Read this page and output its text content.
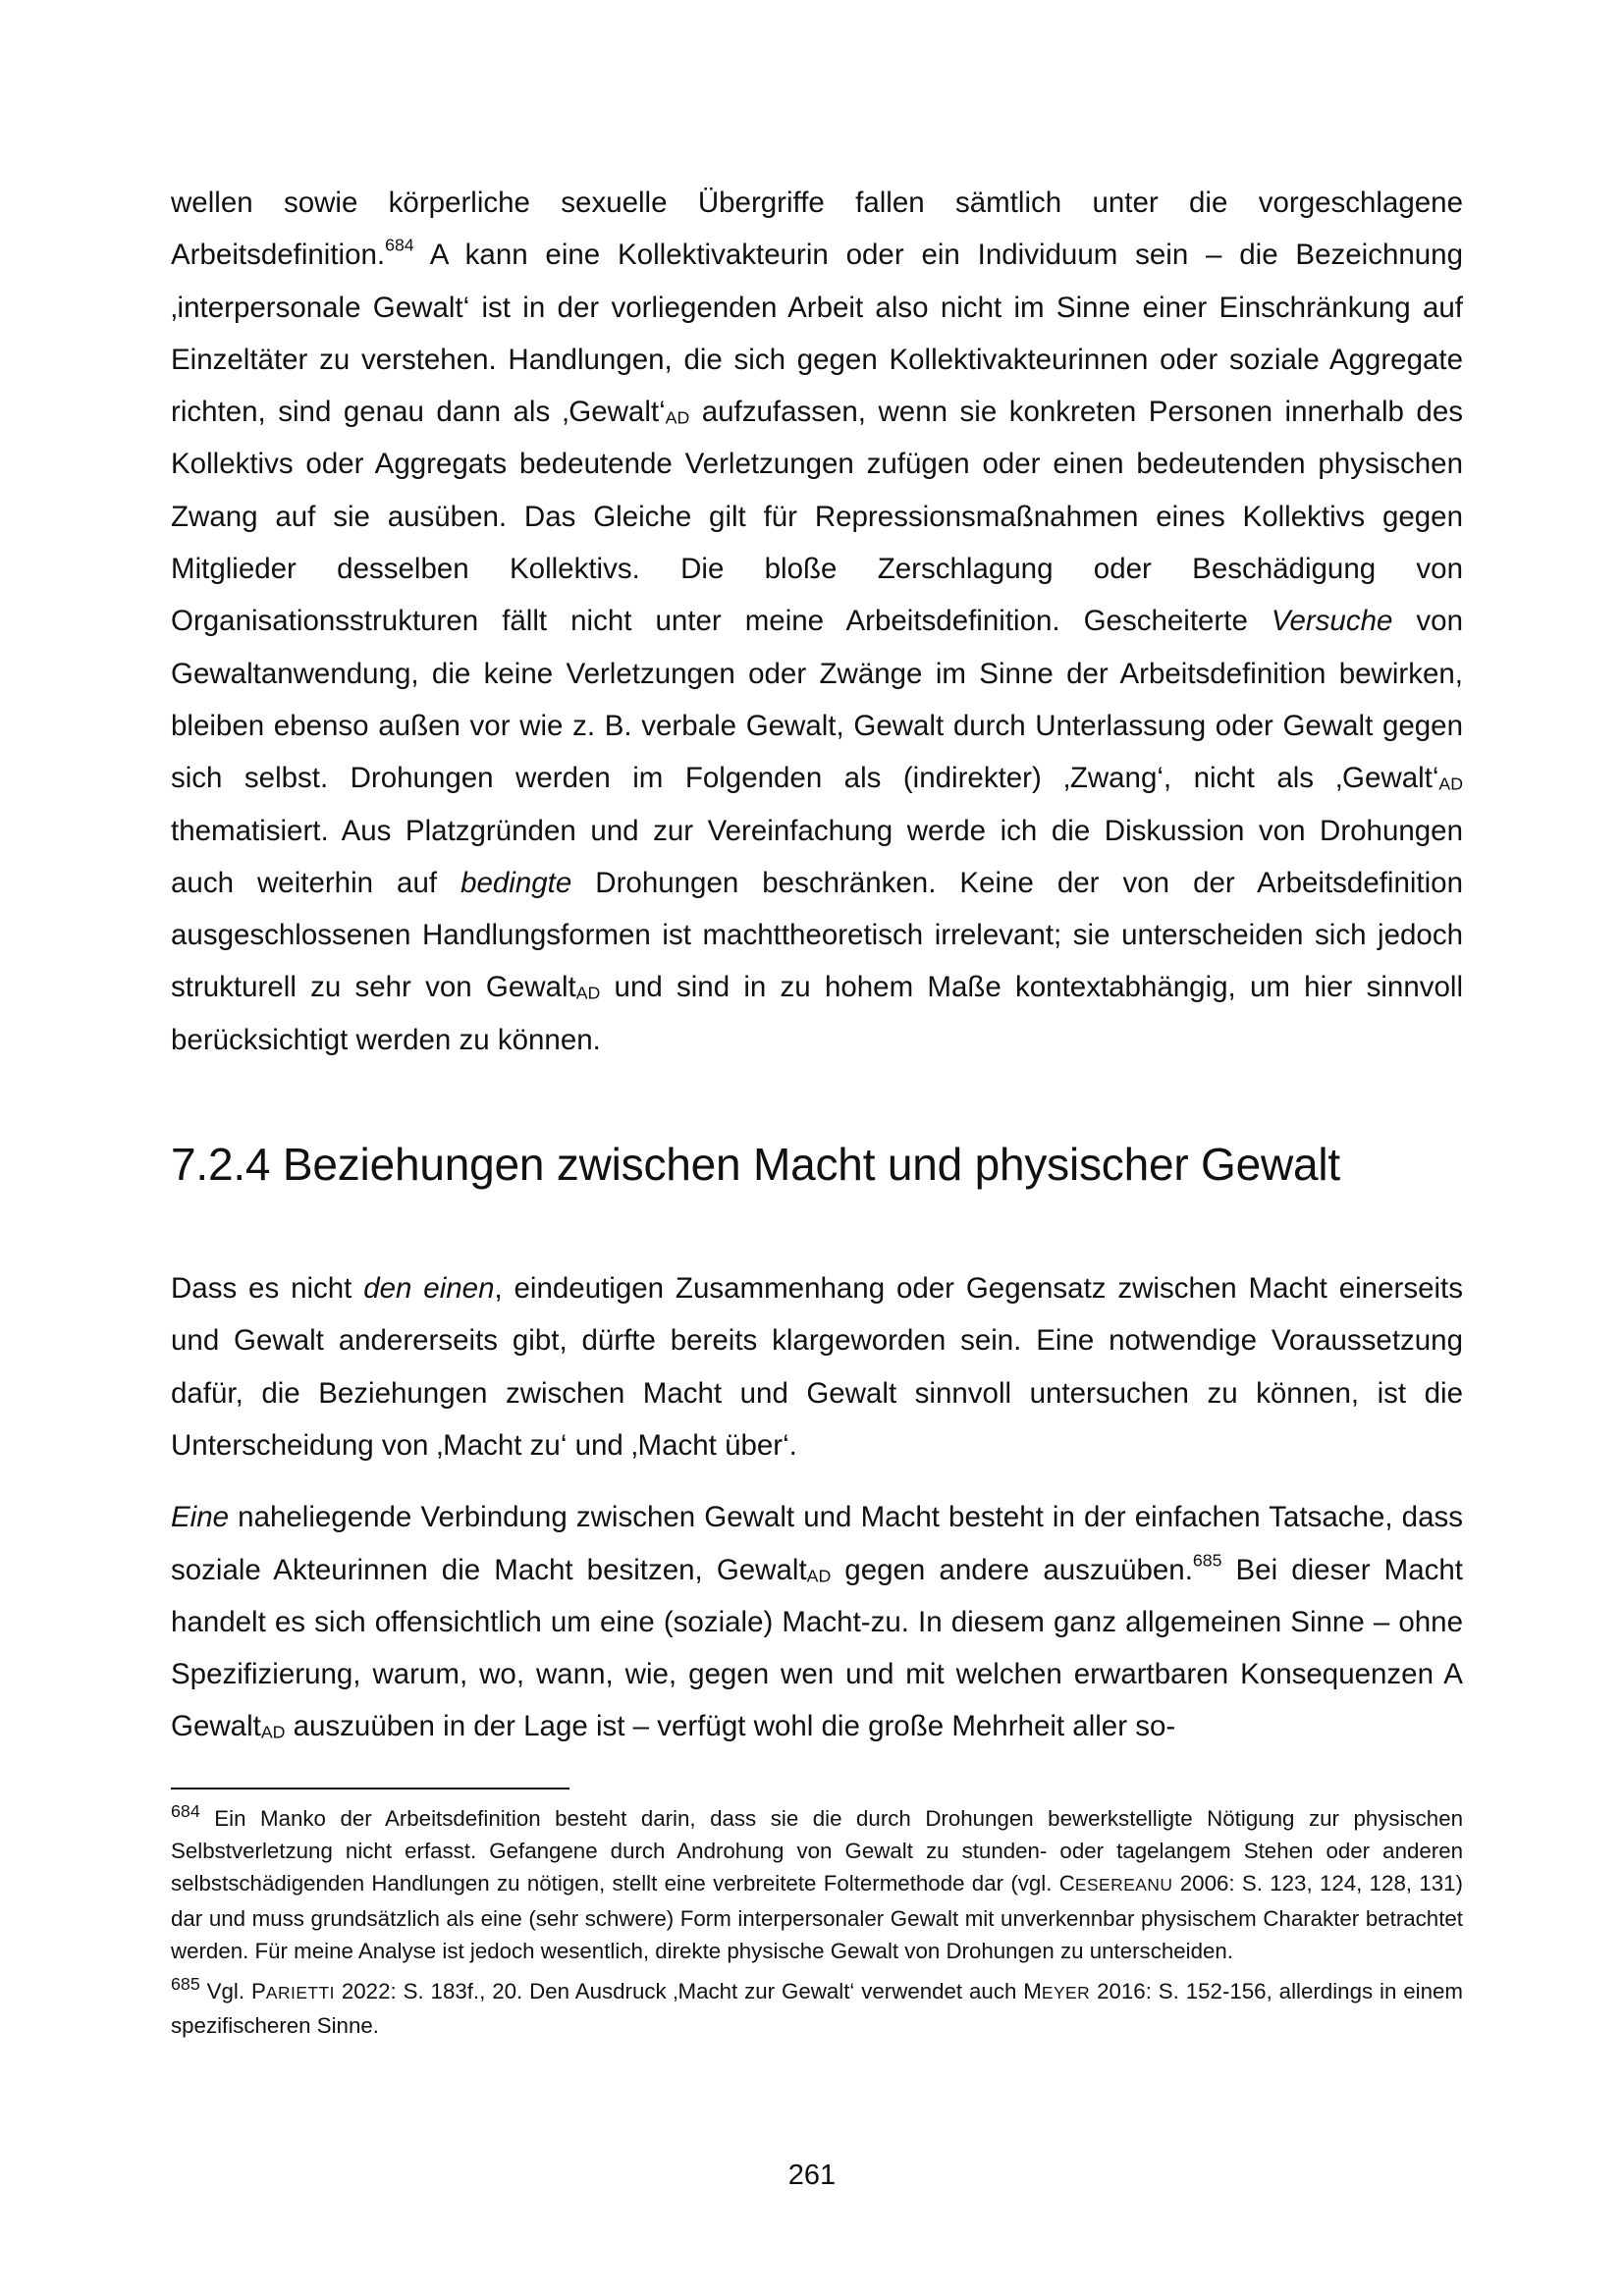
wellen sowie körperliche sexuelle Übergriffe fallen sämtlich unter die vorgeschlagene Arbeitsdefinition.$^{684}$ A kann eine Kollektivakteurin oder ein Individuum sein – die Bezeichnung ‚interpersonale Gewalt‘ ist in der vorliegenden Arbeit also nicht im Sinne einer Einschränkung auf Einzeltäter zu verstehen. Handlungen, die sich gegen Kollektivakteurinnen oder soziale Aggregate richten, sind genau dann als $‚Gewalt‘_{AD}$ aufzufassen, wenn sie konkreten Personen innerhalb des Kollektivs oder Aggregats bedeutende Verletzungen zufügen oder einen bedeutenden physischen Zwang auf sie ausüben. Das Gleiche gilt für Repressionsmaßnahmen eines Kollektivs gegen Mitglieder desselben Kollektivs. Die bloße Zerschlagung oder Beschädigung von Organisationsstrukturen fällt nicht unter meine Arbeitsdefinition. Gescheiterte Versuche von Gewaltanwendung, die keine Verletzungen oder Zwänge im Sinne der Arbeitsdefinition bewirken, bleiben ebenso außen vor wie z. B. verbale Gewalt, Gewalt durch Unterlassung oder Gewalt gegen sich selbst. Drohungen werden im Folgenden als (indirekter) ‚Zwang‘, nicht als $‚Gewalt‘_{AD}$ thematisiert. Aus Platzgründen und zur Vereinfachung werde ich die Diskussion von Drohungen auch weiterhin auf bedingte Drohungen beschränken. Keine der von der Arbeitsdefinition ausgeschlossenen Handlungsformen ist machttheoretisch irrelevant; sie unterscheiden sich jedoch strukturell zu sehr von Gewalt$_{AD}$ und sind in zu hohem Maße kontextabhängig, um hier sinnvoll berücksichtigt werden zu können.

7.2.4 Beziehungen zwischen Macht und physischer Gewalt

Dass es nicht den einen, eindeutigen Zusammenhang oder Gegensatz zwischen Macht einerseits und Gewalt andererseits gibt, dürfte bereits klargeworden sein. Eine notwendige Voraussetzung dafür, die Beziehungen zwischen Macht und Gewalt sinnvoll untersuchen zu können, ist die Unterscheidung von ‚Macht zu‘ und ‚Macht über‘.

Eine naheliegende Verbindung zwischen Gewalt und Macht besteht in der einfachen Tatsache, dass soziale Akteurinnen die Macht besitzen, Gewalt$_{AD}$ gegen andere auszuüben.$^{685}$ Bei dieser Macht handelt es sich offensichtlich um eine (soziale) Macht-zu. In diesem ganz allgemeinen Sinne – ohne Spezifizierung, warum, wo, wann, wie, gegen wen und mit welchen erwartbaren Konsequenzen A Gewalt$_{AD}$ auszuüben in der Lage ist – verfügt wohl die große Mehrheit aller so-

$^{684}$ Ein Manko der Arbeitsdefinition besteht darin, dass sie die durch Drohungen bewerkstelligte Nötigung zur physischen Selbstverletzung nicht erfasst. Gefangene durch Androhung von Gewalt zu stunden- oder tagelangem Stehen oder anderen selbstschädigenden Handlungen zu nötigen, stellt eine verbreitete Foltermethode dar (vgl. CESEREANU 2006: S. 123, 124, 128, 131) dar und muss grundsätzlich als eine (sehr schwere) Form interpersonaler Gewalt mit unverkennbar physischem Charakter betrachtet werden. Für meine Analyse ist jedoch wesentlich, direkte physische Gewalt von Drohungen zu unterscheiden.

$^{685}$ Vgl. PARIETTI 2022: S. 183f., 20. Den Ausdruck ‚Macht zur Gewalt‘ verwendet auch MEYER 2016: S. 152-156, allerdings in einem spezifischeren Sinne.

261
